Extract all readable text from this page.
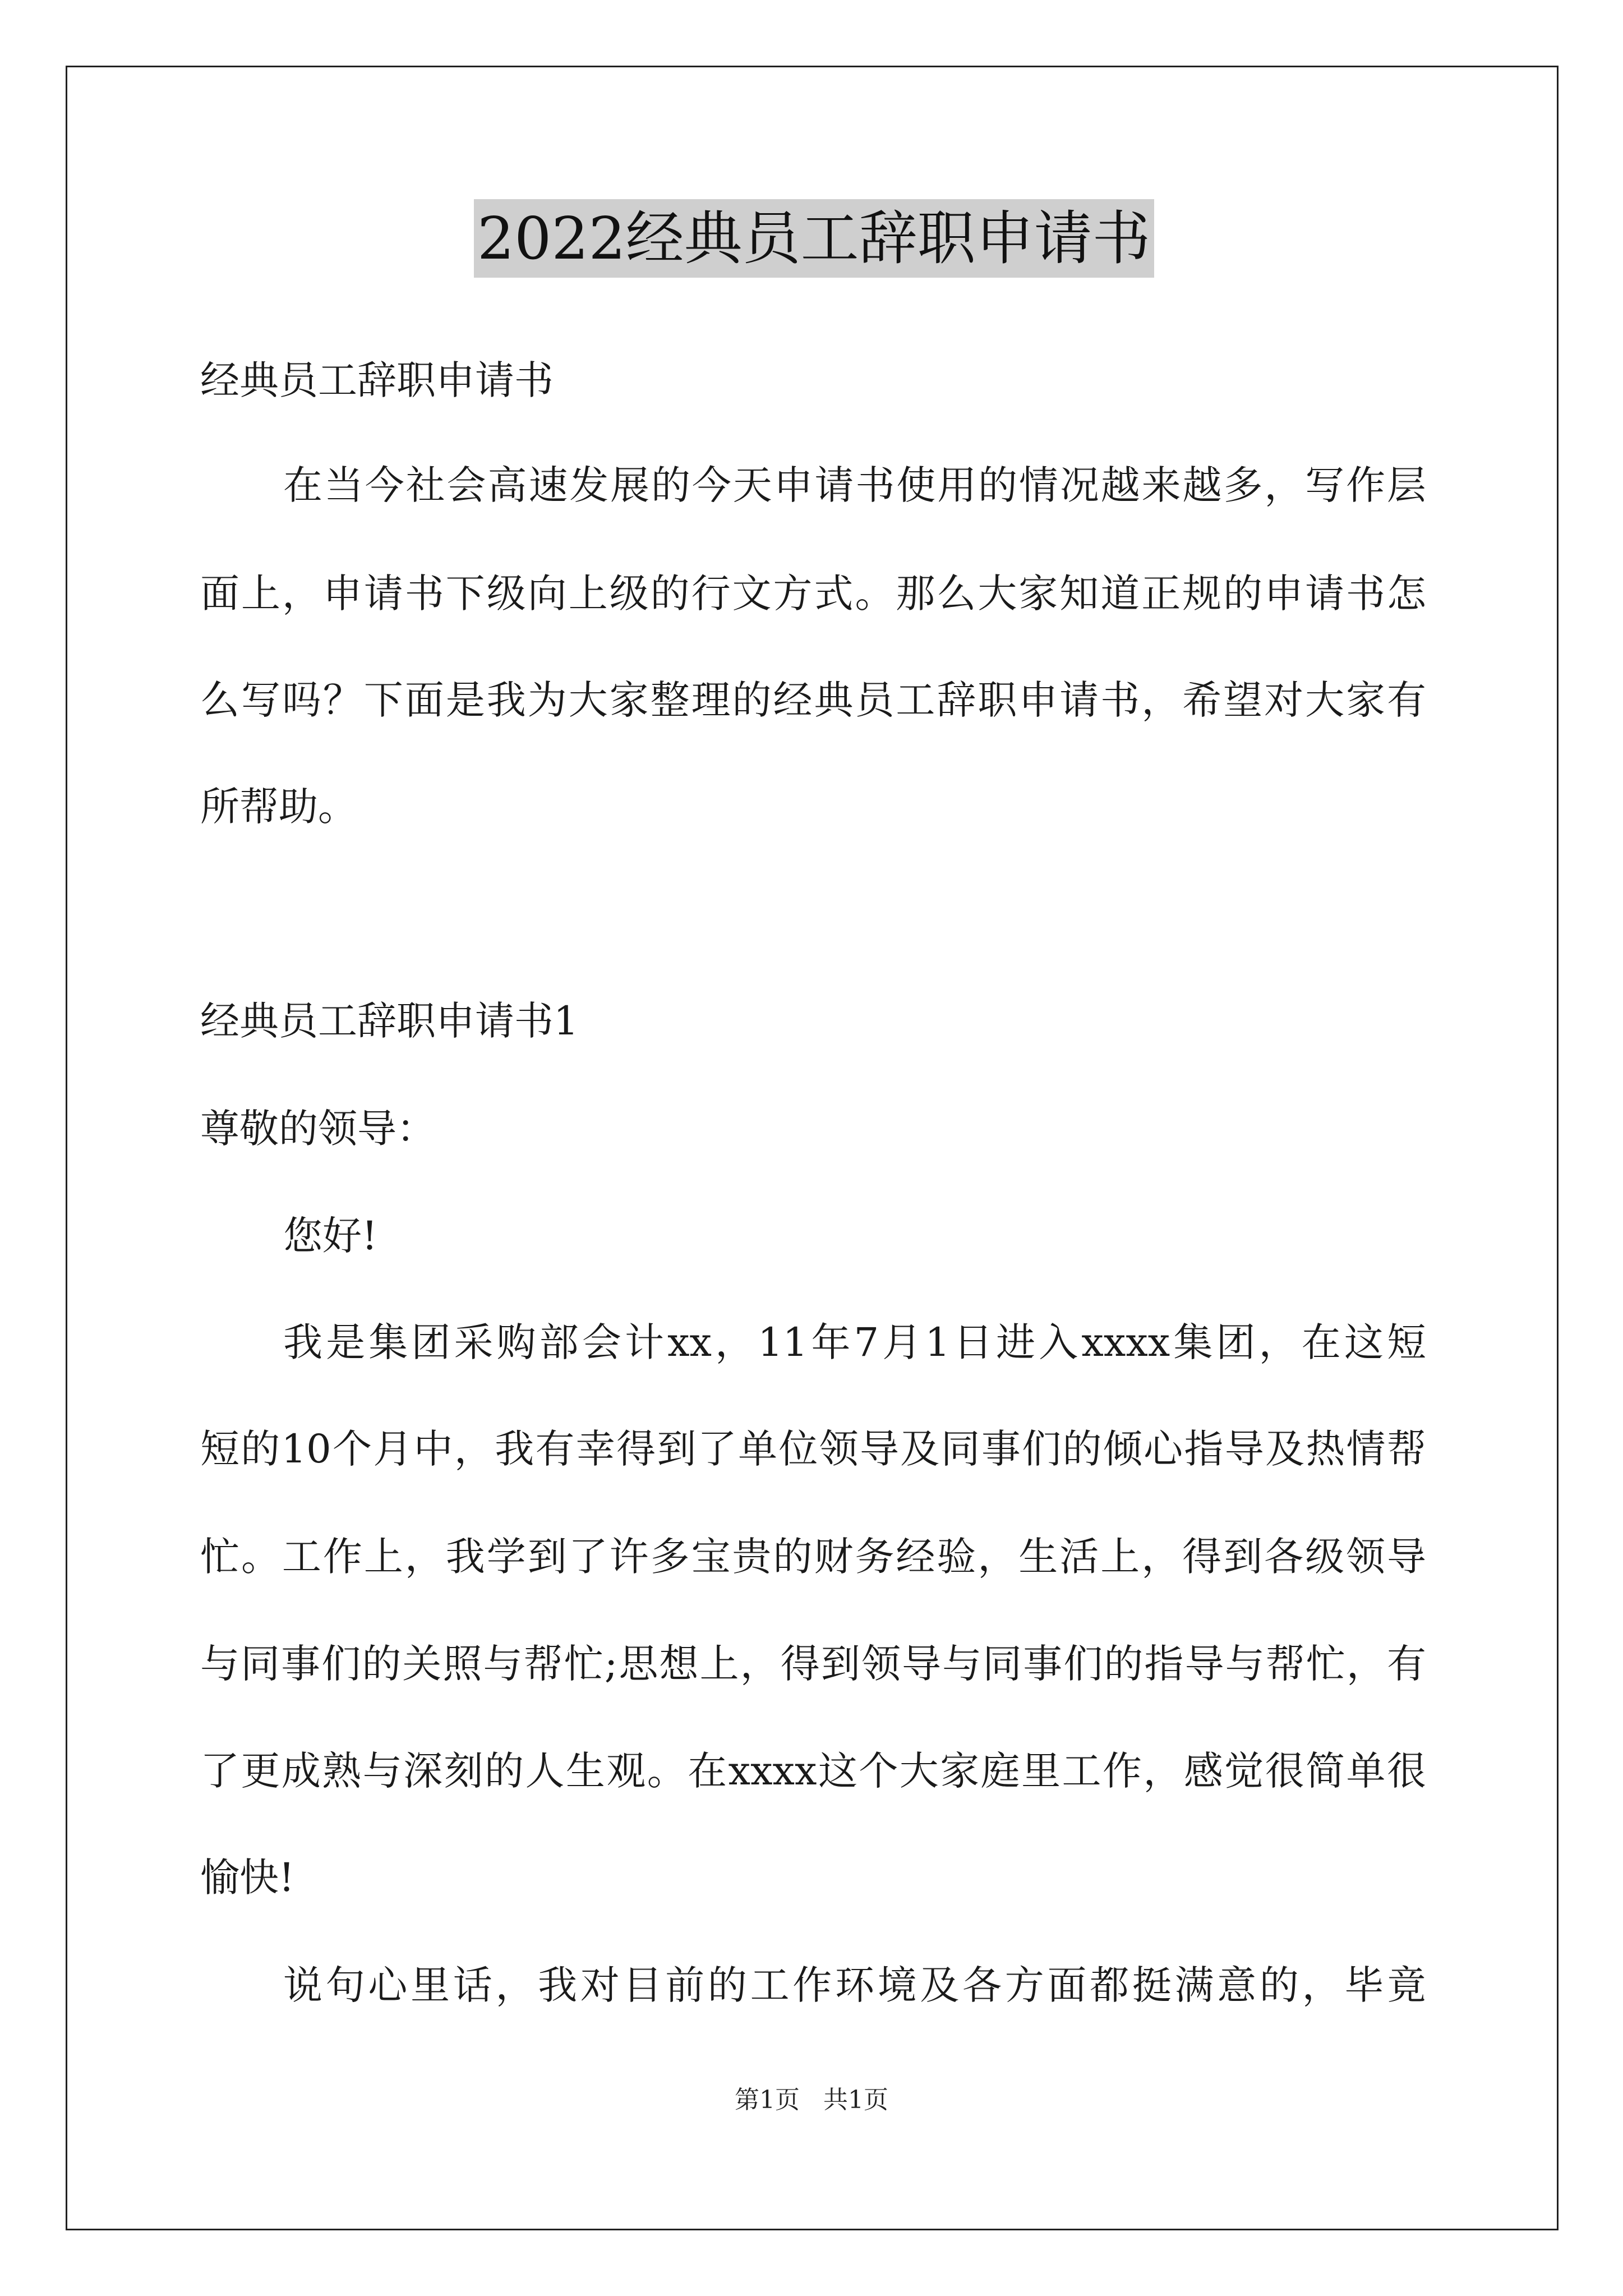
2022经典员工辞职申请书
经典员工辞职申请书
在当今社会高速发展的今天申请书使用的情况越来越多，写作层
面上，申请书下级向上级的行文方式。那么大家知道正规的申请书怎
么写吗？下面是我为大家整理的经典员工辞职申请书，希望对大家有
所帮助。
经典员工辞职申请书1
尊敬的领导：
您好!
我是集团采购部会计xx，11年7月1日进入xxxx集团，在这短
短的10个月中，我有幸得到了单位领导及同事们的倾心指导及热情帮
忙。工作上，我学到了许多宝贵的财务经验，生活上，得到各级领导
与同事们的关照与帮忙;思想上，得到领导与同事们的指导与帮忙，有
了更成熟与深刻的人生观。在xxxx这个大家庭里工作，感觉很简单很
愉快!
说句心里话，我对目前的工作环境及各方面都挺满意的，毕竟
第1页   共1页
